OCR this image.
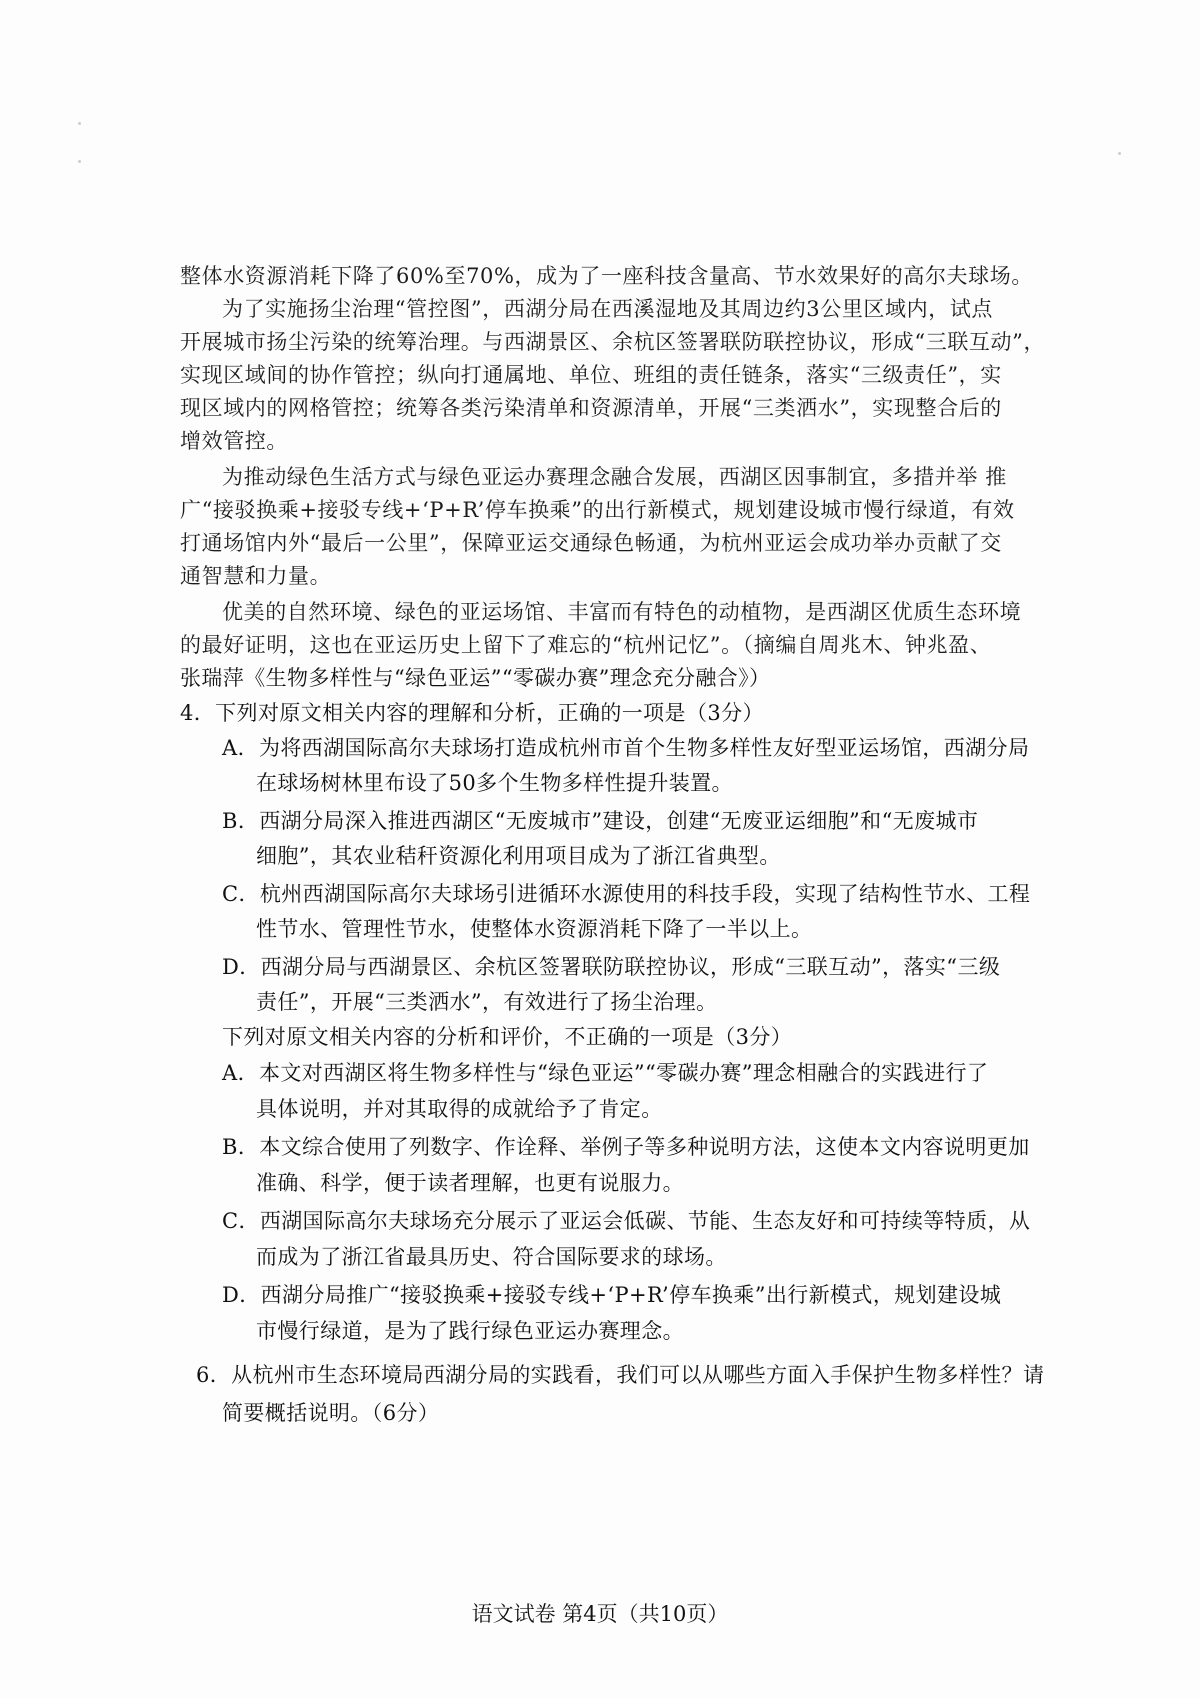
整体水资源消耗下降了60%至70%，成为了一座科技含量高、节水效果好的高尔夫球场。
为了实施扬尘治理“管控图”，西湖分局在西溪湿地及其周边约3公里区域内，试点
开展城市扬尘污染的统筹治理。与西湖景区、余杭区签署联防联控协议，形成“三联互动”，
实现区域间的协作管控；纵向打通属地、单位、班组的责任链条，落实“三级责任”，实
现区域内的网格管控；统筹各类污染清单和资源清单，开展“三类洒水”，实现整合后的
增效管控。
为推动绿色生活方式与绿色亚运办赛理念融合发展，西湖区因事制宜，多措并举 推
广“接驳换乘+接驳专线+‘P+R’停车换乘”的出行新模式，规划建设城市慢行绿道，有效
打通场馆内外“最后一公里”，保障亚运交通绿色畅通，为杭州亚运会成功举办贡献了交
通智慧和力量。
优美的自然环境、绿色的亚运场馆、丰富而有特色的动植物，是西湖区优质生态环境
的最好证明，这也在亚运历史上留下了难忘的“杭州记忆”。（摘编自周兆木、钟兆盈、
张瑞萍《生物多样性与“绿色亚运”“零碳办赛”理念充分融合》）
4．下列对原文相关内容的理解和分析，正确的一项是（3分）
A．为将西湖国际高尔夫球场打造成杭州市首个生物多样性友好型亚运场馆，西湖分局
在球场树林里布设了50多个生物多样性提升装置。
B．西湖分局深入推进西湖区“无废城市”建设，创建“无废亚运细胞”和“无废城市
细胞”，其农业秸秆资源化利用项目成为了浙江省典型。
C．杭州西湖国际高尔夫球场引进循环水源使用的科技手段，实现了结构性节水、工程
性节水、管理性节水，使整体水资源消耗下降了一半以上。
D．西湖分局与西湖景区、余杭区签署联防联控协议，形成“三联互动”，落实“三级
责任”，开展“三类洒水”，有效进行了扬尘治理。
下列对原文相关内容的分析和评价，不正确的一项是（3分）
A．本文对西湖区将生物多样性与“绿色亚运”“零碳办赛”理念相融合的实践进行了
具体说明，并对其取得的成就给予了肯定。
B．本文综合使用了列数字、作诠释、举例子等多种说明方法，这使本文内容说明更加
准确、科学，便于读者理解，也更有说服力。
C．西湖国际高尔夫球场充分展示了亚运会低碳、节能、生态友好和可持续等特质，从
而成为了浙江省最具历史、符合国际要求的球场。
D．西湖分局推广“接驳换乘+接驳专线+‘P+R’停车换乘”出行新模式，规划建设城
市慢行绿道，是为了践行绿色亚运办赛理念。
6．从杭州市生态环境局西湖分局的实践看，我们可以从哪些方面入手保护生物多样性？请
简要概括说明。（6分）
语文试卷 第4页（共10页）
